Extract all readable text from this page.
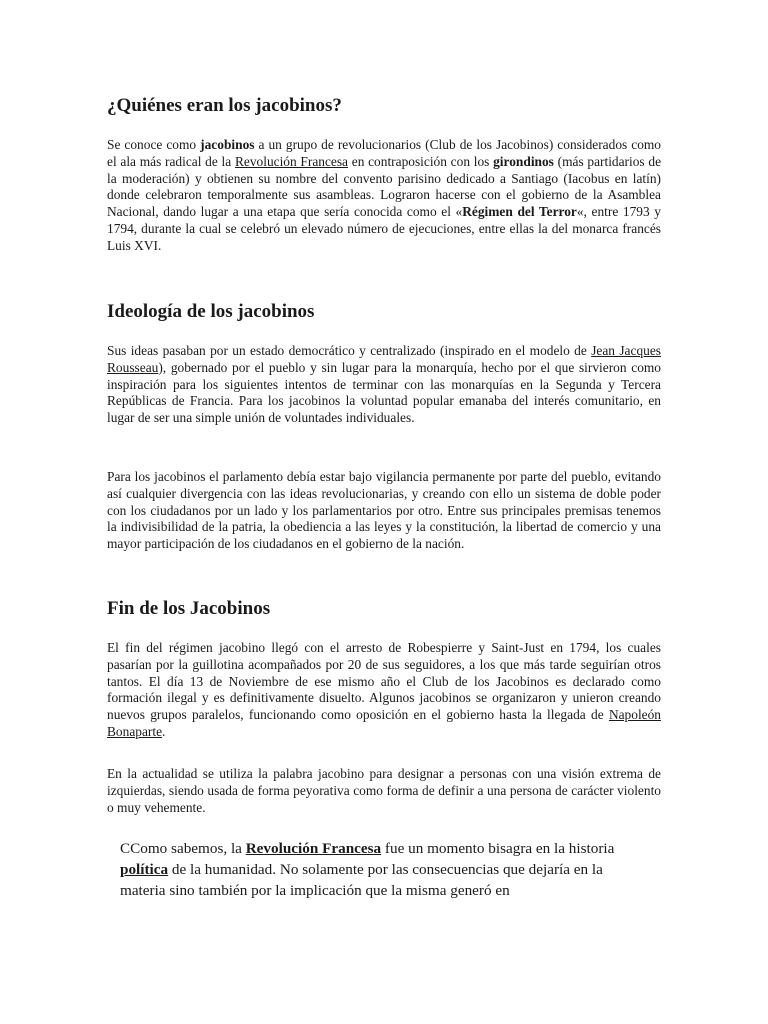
¿Quiénes eran los jacobinos?

Se conoce como jacobinos a un grupo de revolucionarios (Club de los Jacobinos) considerados como el ala más radical de la Revolución Francesa en contraposición con los girondinos (más partidarios de la moderación) y obtienen su nombre del convento parisino dedicado a Santiago (Iacobus en latín) donde celebraron temporalmente sus asambleas. Lograron hacerse con el gobierno de la Asamblea Nacional, dando lugar a una etapa que sería conocida como el «Régimen del Terror«, entre 1793 y 1794, durante la cual se celebró un elevado número de ejecuciones, entre ellas la del monarca francés Luis XVI.

Ideología de los jacobinos

Sus ideas pasaban por un estado democrático y centralizado (inspirado en el modelo de Jean Jacques Rousseau), gobernado por el pueblo y sin lugar para la monarquía, hecho por el que sirvieron como inspiración para los siguientes intentos de terminar con las monarquías en la Segunda y Tercera Repúblicas de Francia. Para los jacobinos la voluntad popular emanaba del interés comunitario, en lugar de ser una simple unión de voluntades individuales.

Para los jacobinos el parlamento debía estar bajo vigilancia permanente por parte del pueblo, evitando así cualquier divergencia con las ideas revolucionarias, y creando con ello un sistema de doble poder con los ciudadanos por un lado y los parlamentarios por otro. Entre sus principales premisas tenemos la indivisibilidad de la patria, la obediencia a las leyes y la constitución, la libertad de comercio y una mayor participación de los ciudadanos en el gobierno de la nación.

Fin de los Jacobinos

El fin del régimen jacobino llegó con el arresto de Robespierre y Saint-Just en 1794, los cuales pasarían por la guillotina acompañados por 20 de sus seguidores, a los que más tarde seguirían otros tantos. El día 13 de Noviembre de ese mismo año el Club de los Jacobinos es declarado como formación ilegal y es definitivamente disuelto. Algunos jacobinos se organizaron y unieron creando nuevos grupos paralelos, funcionando como oposición en el gobierno hasta la llegada de Napoleón Bonaparte.

En la actualidad se utiliza la palabra jacobino para designar a personas con una visión extrema de izquierdas, siendo usada de forma peyorativa como forma de definir a una persona de carácter violento o muy vehemente.

CComo sabemos, la Revolución Francesa fue un momento bisagra en la historia política de la humanidad. No solamente por las consecuencias que dejaría en la materia sino también por la implicación que la misma generó en
